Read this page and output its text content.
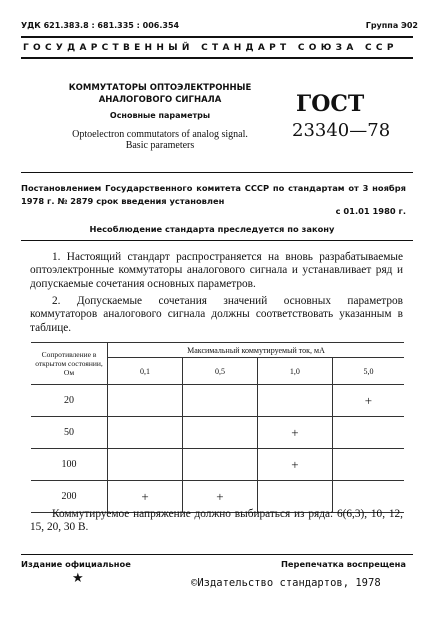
УДК 621.383.8 : 681.335 : 006.354	Группа Э02
ГОСУДАРСТВЕННЫЙ СТАНДАРТ СОЮЗА ССР
КОММУТАТОРЫ ОПТОЭЛЕКТРОННЫЕ
АНАЛОГОВОГО СИГНАЛА
Основные параметры
Optoelectron commutators of analog signal.
Basic parameters
ГОСТ
23340—78
Постановлением Государственного комитета СССР по стандартам от 3 ноября 1978 г. № 2879 срок введения установлен
с 01.01 1980 г.
Несоблюдение стандарта преследуется по закону
1. Настоящий стандарт распространяется на вновь разрабатываемые оптоэлектронные коммутаторы аналогового сигнала и устанавливает ряд и допускаемые сочетания основных параметров.
2. Допускаемые сочетания значений основных параметров коммутаторов аналогового сигнала должны соответствовать указанным в таблице.
Сопротивление в открытом состоянии, Ом	Максимальный коммутируемый ток, мА			
	0,1	0,5	1,0	5,0
20				+
50			+	
100			+	
200	+	+		
Коммутируемое напряжение должно выбираться из ряда: 6(6,3), 10, 12, 15, 20, 30 В.
Издание официальное	Перепечатка воспрещена
★	©Издательство стандартов, 1978
